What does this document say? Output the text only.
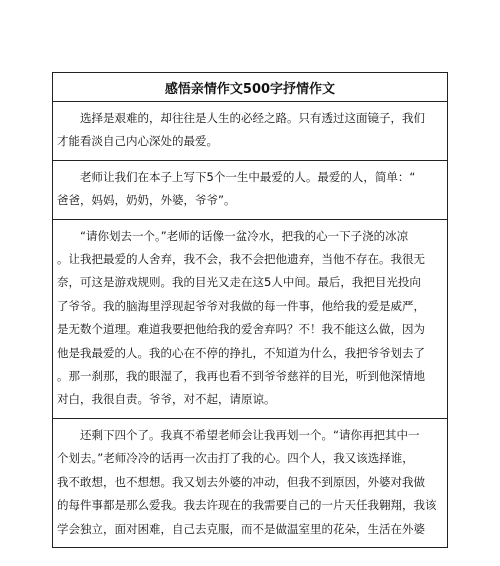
感悟亲情作文500字抒情作文
　　选择是艰难的，却往往是人生的必经之路。只有透过这面镜子，我们
才能看淡自己内心深处的最爱。
　　老师让我们在本子上写下5个一生中最爱的人。最爱的人，简单：“
爸爸，妈妈，奶奶，外婆，爷爷”。
　　“请你划去一个。”老师的话像一盆冷水，把我的心一下子浇的冰凉
。让我把最爱的人舍弃，我不会，我不会把他遗弃，当他不存在。我很无
奈，可这是游戏规则。我的目光又走在这5人中间。最后，我把目光投向
了爷爷。我的脑海里浮现起爷爷对我做的每一件事，他给我的爱是威严，
是无数个道理。难道我要把他给我的爱舍弃吗？不！我不能这么做，因为
他是我最爱的人。我的心在不停的挣扎，不知道为什么，我把爷爷划去了
。那一刹那，我的眼湿了，我再也看不到爷爷慈祥的目光，听到他深情地
对白，我很自责。爷爷，对不起，请原谅。
　　还剩下四个了。我真不希望老师会让我再划一个。“请你再把其中一
个划去。”老师冷冷的话再一次击打了我的心。四个人，我又该选择谁，
我不敢想，也不想想。我又划去外婆的冲动，但我不到原因，外婆对我做
的每件事都是那么爱我。我去许现在的我需要自己的一片天任我翱翔，我该
学会独立，面对困难，自己去克服，而不是做温室里的花朵，生活在外婆
